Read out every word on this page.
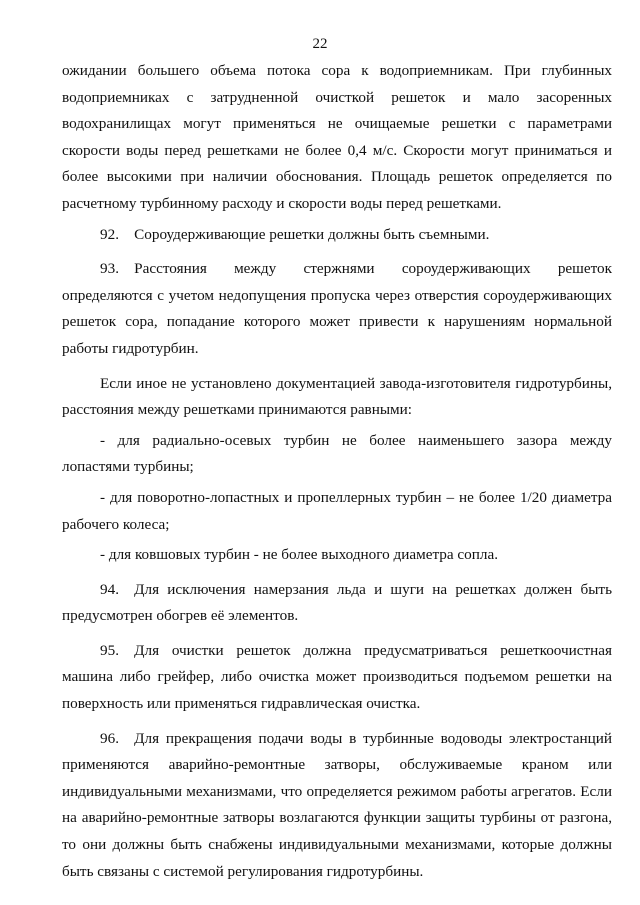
22

ожидании большего объема потока сора к водоприемникам. При глубинных водоприемниках с затрудненной очисткой решеток и мало засоренных водохранилищах могут применяться не очищаемые решетки с параметрами скорости воды перед решетками не более 0,4 м/с. Скорости могут приниматься и более высокими при наличии обоснования. Площадь решеток определяется по расчетному турбинному расходу и скорости воды перед решетками.

92. Сороудерживающие решетки должны быть съемными.

93. Расстояния между стержнями сороудерживающих решеток определяются с учетом недопущения пропуска через отверстия сороудерживающих решеток сора, попадание которого может привести к нарушениям нормальной работы гидротурбин.

Если иное не установлено документацией завода-изготовителя гидротурбины, расстояния между решетками принимаются равными:

- для радиально-осевых турбин не более наименьшего зазора между лопастями турбины;

- для поворотно-лопастных и пропеллерных турбин – не более 1/20 диаметра рабочего колеса;

- для ковшовых турбин - не более выходного диаметра сопла.

94. Для исключения намерзания льда и шуги на решетках должен быть предусмотрен обогрев её элементов.

95. Для очистки решеток должна предусматриваться решеткоочистная машина либо грейфер, либо очистка может производиться подъемом решетки на поверхность или применяться гидравлическая очистка.

96. Для прекращения подачи воды в турбинные водоводы электростанций применяются аварийно-ремонтные затворы, обслуживаемые краном или индивидуальными механизмами, что определяется режимом работы агрегатов. Если на аварийно-ремонтные затворы возлагаются функции защиты турбины от разгона, то они должны быть снабжены индивидуальными механизмами, которые должны быть связаны с системой регулирования гидротурбины.
